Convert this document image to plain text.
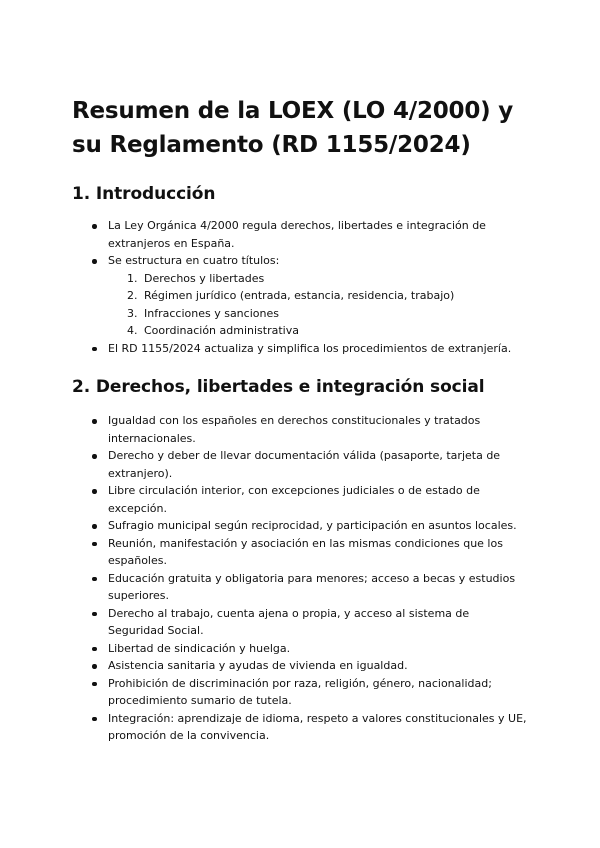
Resumen de la LOEX (LO 4/2000) y su Reglamento (RD 1155/2024)
1. Introducción
La Ley Orgánica 4/2000 regula derechos, libertades e integración de extranjeros en España.
Se estructura en cuatro títulos:
1. Derechos y libertades
2. Régimen jurídico (entrada, estancia, residencia, trabajo)
3. Infracciones y sanciones
4. Coordinación administrativa
El RD 1155/2024 actualiza y simplifica los procedimientos de extranjería.
2. Derechos, libertades e integración social
Igualdad con los españoles en derechos constitucionales y tratados internacionales.
Derecho y deber de llevar documentación válida (pasaporte, tarjeta de extranjero).
Libre circulación interior, con excepciones judiciales o de estado de excepción.
Sufragio municipal según reciprocidad, y participación en asuntos locales.
Reunión, manifestación y asociación en las mismas condiciones que los españoles.
Educación gratuita y obligatoria para menores; acceso a becas y estudios superiores.
Derecho al trabajo, cuenta ajena o propia, y acceso al sistema de Seguridad Social.
Libertad de sindicación y huelga.
Asistencia sanitaria y ayudas de vivienda en igualdad.
Prohibición de discriminación por raza, religión, género, nacionalidad; procedimiento sumario de tutela.
Integración: aprendizaje de idioma, respeto a valores constitucionales y UE, promoción de la convivencia.
